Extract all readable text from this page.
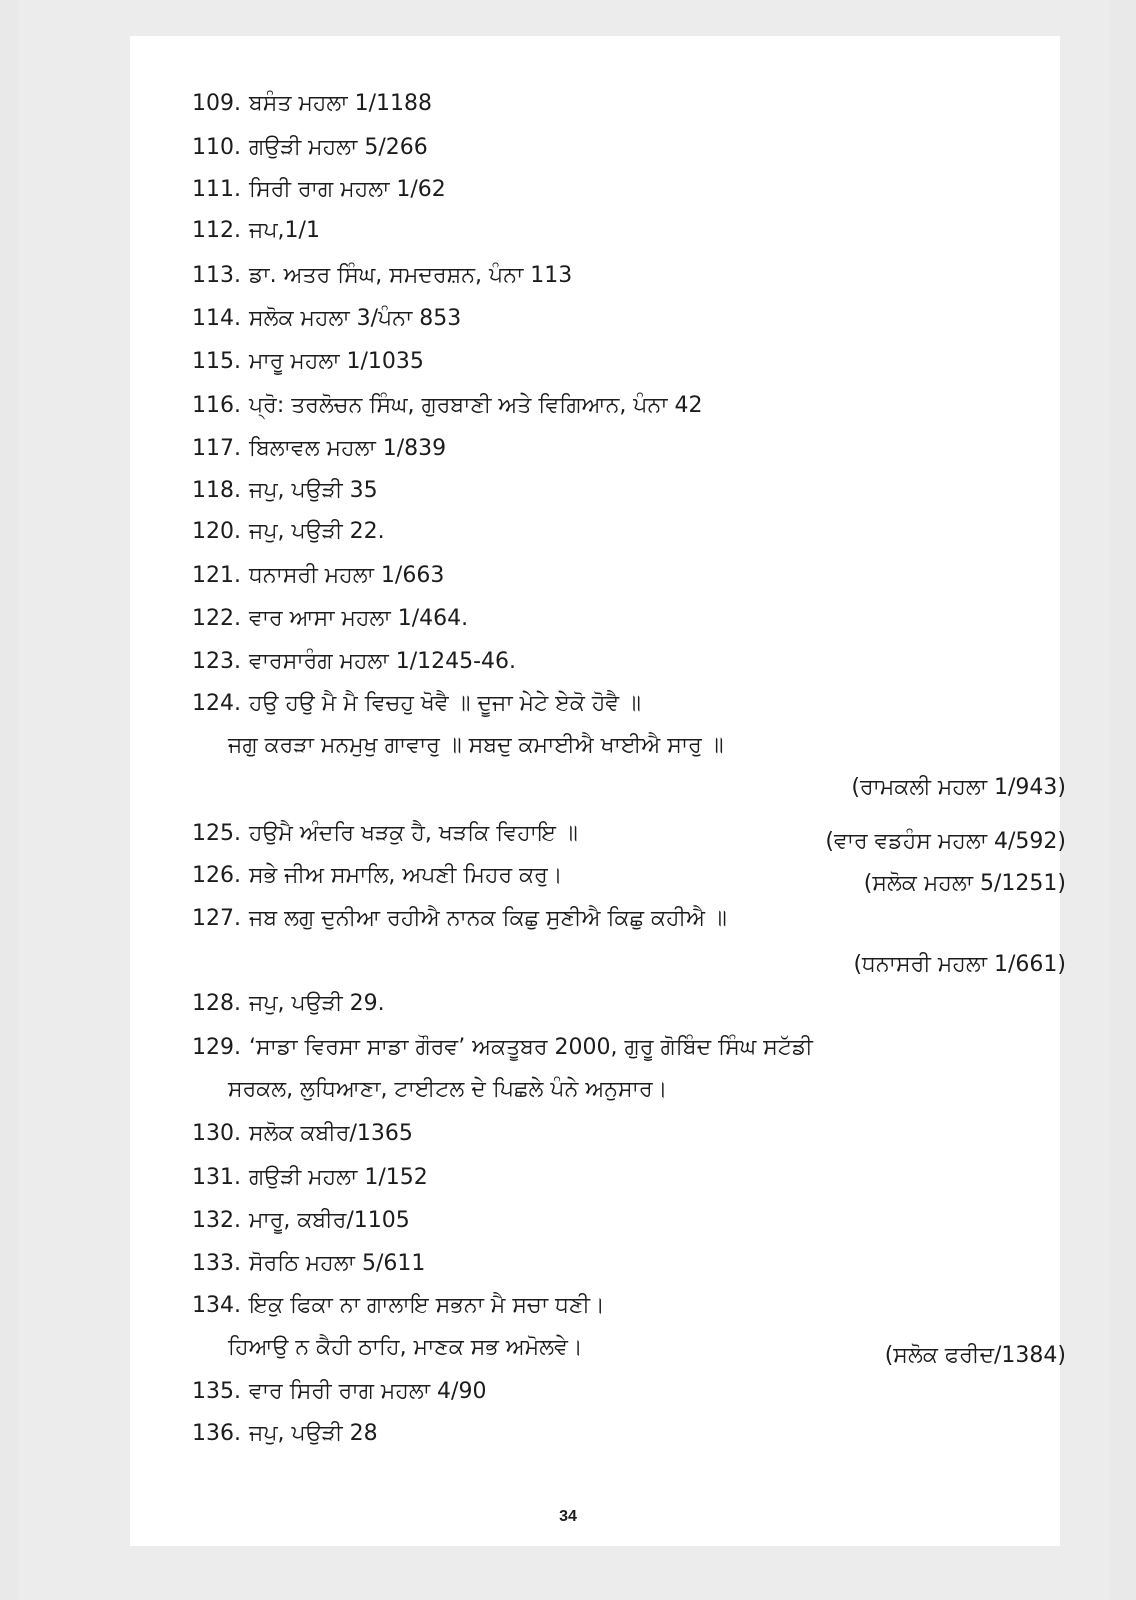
109. ਬਸੰਤ ਮਹਲਾ 1/1188
110. ਗਉੜੀ ਮਹਲਾ 5/266
111. ਸਿਰੀ ਰਾਗ ਮਹਲਾ 1/62
112. ਜਪ,1/1
113. ਡਾ. ਅਤਰ ਸਿੰਘ, ਸਮਦਰਸ਼ਨ, ਪੰਨਾ 113
114. ਸਲੋਕ ਮਹਲਾ 3/ਪੰਨਾ 853
115. ਮਾਰੂ ਮਹਲਾ 1/1035
116. ਪ੍ਰੋ: ਤਰਲੋਚਨ ਸਿੰਘ, ਗੁਰਬਾਣੀ ਅਤੇ ਵਿਗਿਆਨ, ਪੰਨਾ 42
117. ਬਿਲਾਵਲ ਮਹਲਾ 1/839
118. ਜਪੁ, ਪਉੜੀ 35
120. ਜਪੁ, ਪਉੜੀ 22.
121. ਧਨਾਸਰੀ ਮਹਲਾ 1/663
122. ਵਾਰ ਆਸਾ ਮਹਲਾ 1/464.
123. ਵਾਰਸਾਰੰਗ ਮਹਲਾ 1/1245-46.
124. ਹਉ ਹਉ ਮੈ ਮੈ ਵਿਚਹੁ ਖੋਵੈ ॥ ਦੂਜਾ ਮੇਟੇ ਏਕੋ ਹੋਵੈ ॥
ਜਗੁ ਕਰੜਾ ਮਨਮੁਖੁ ਗਾਵਾਰੁ ॥ ਸਬਦੁ ਕਮਾਈਐ ਖਾਈਐ ਸਾਰੁ ॥
(ਰਾਮਕਲੀ ਮਹਲਾ 1/943)
125. ਹਉਮੈ ਅੰਦਰਿ ਖੜਕੁ ਹੈ, ਖੜਕਿ ਵਿਹਾਇ ॥	(ਵਾਰ ਵਡਹੰਸ ਮਹਲਾ 4/592)
126. ਸਭੇ ਜੀਅ ਸਮਾਲਿ, ਅਪਣੀ ਮਿਹਰ ਕਰੁ।	(ਸਲੋਕ ਮਹਲਾ 5/1251)
127. ਜਬ ਲਗੁ ਦੁਨੀਆ ਰਹੀਐ ਨਾਨਕ ਕਿਛੁ ਸੁਣੀਐ ਕਿਛੁ ਕਹੀਐ ॥
(ਧਨਾਸਰੀ ਮਹਲਾ 1/661)
128. ਜਪੁ, ਪਉੜੀ 29.
129. ‘ਸਾਡਾ ਵਿਰਸਾ ਸਾਡਾ ਗੌਰਵ’ ਅਕਤੂਬਰ 2000, ਗੁਰੂ ਗੋਬਿੰਦ ਸਿੰਘ ਸਟੱਡੀ
ਸਰਕਲ, ਲੁਧਿਆਣਾ, ਟਾਈਟਲ ਦੇ ਪਿਛਲੇ ਪੰਨੇ ਅਨੁਸਾਰ।
130. ਸਲੋਕ ਕਬੀਰ/1365
131. ਗਉੜੀ ਮਹਲਾ 1/152
132. ਮਾਰੂ, ਕਬੀਰ/1105
133. ਸੋਰਠਿ ਮਹਲਾ 5/611
134. ਇਕੁ ਫਿਕਾ ਨਾ ਗਾਲਾਇ ਸਭਨਾ ਮੈ ਸਚਾ ਧਣੀ।
ਹਿਆਉ ਨ ਕੈਹੀ ਠਾਹਿ, ਮਾਣਕ ਸਭ ਅਮੋਲਵੇ।	(ਸਲੋਕ ਫਰੀਦ/1384)
135. ਵਾਰ ਸਿਰੀ ਰਾਗ ਮਹਲਾ 4/90
136. ਜਪੁ, ਪਉੜੀ 28
34
